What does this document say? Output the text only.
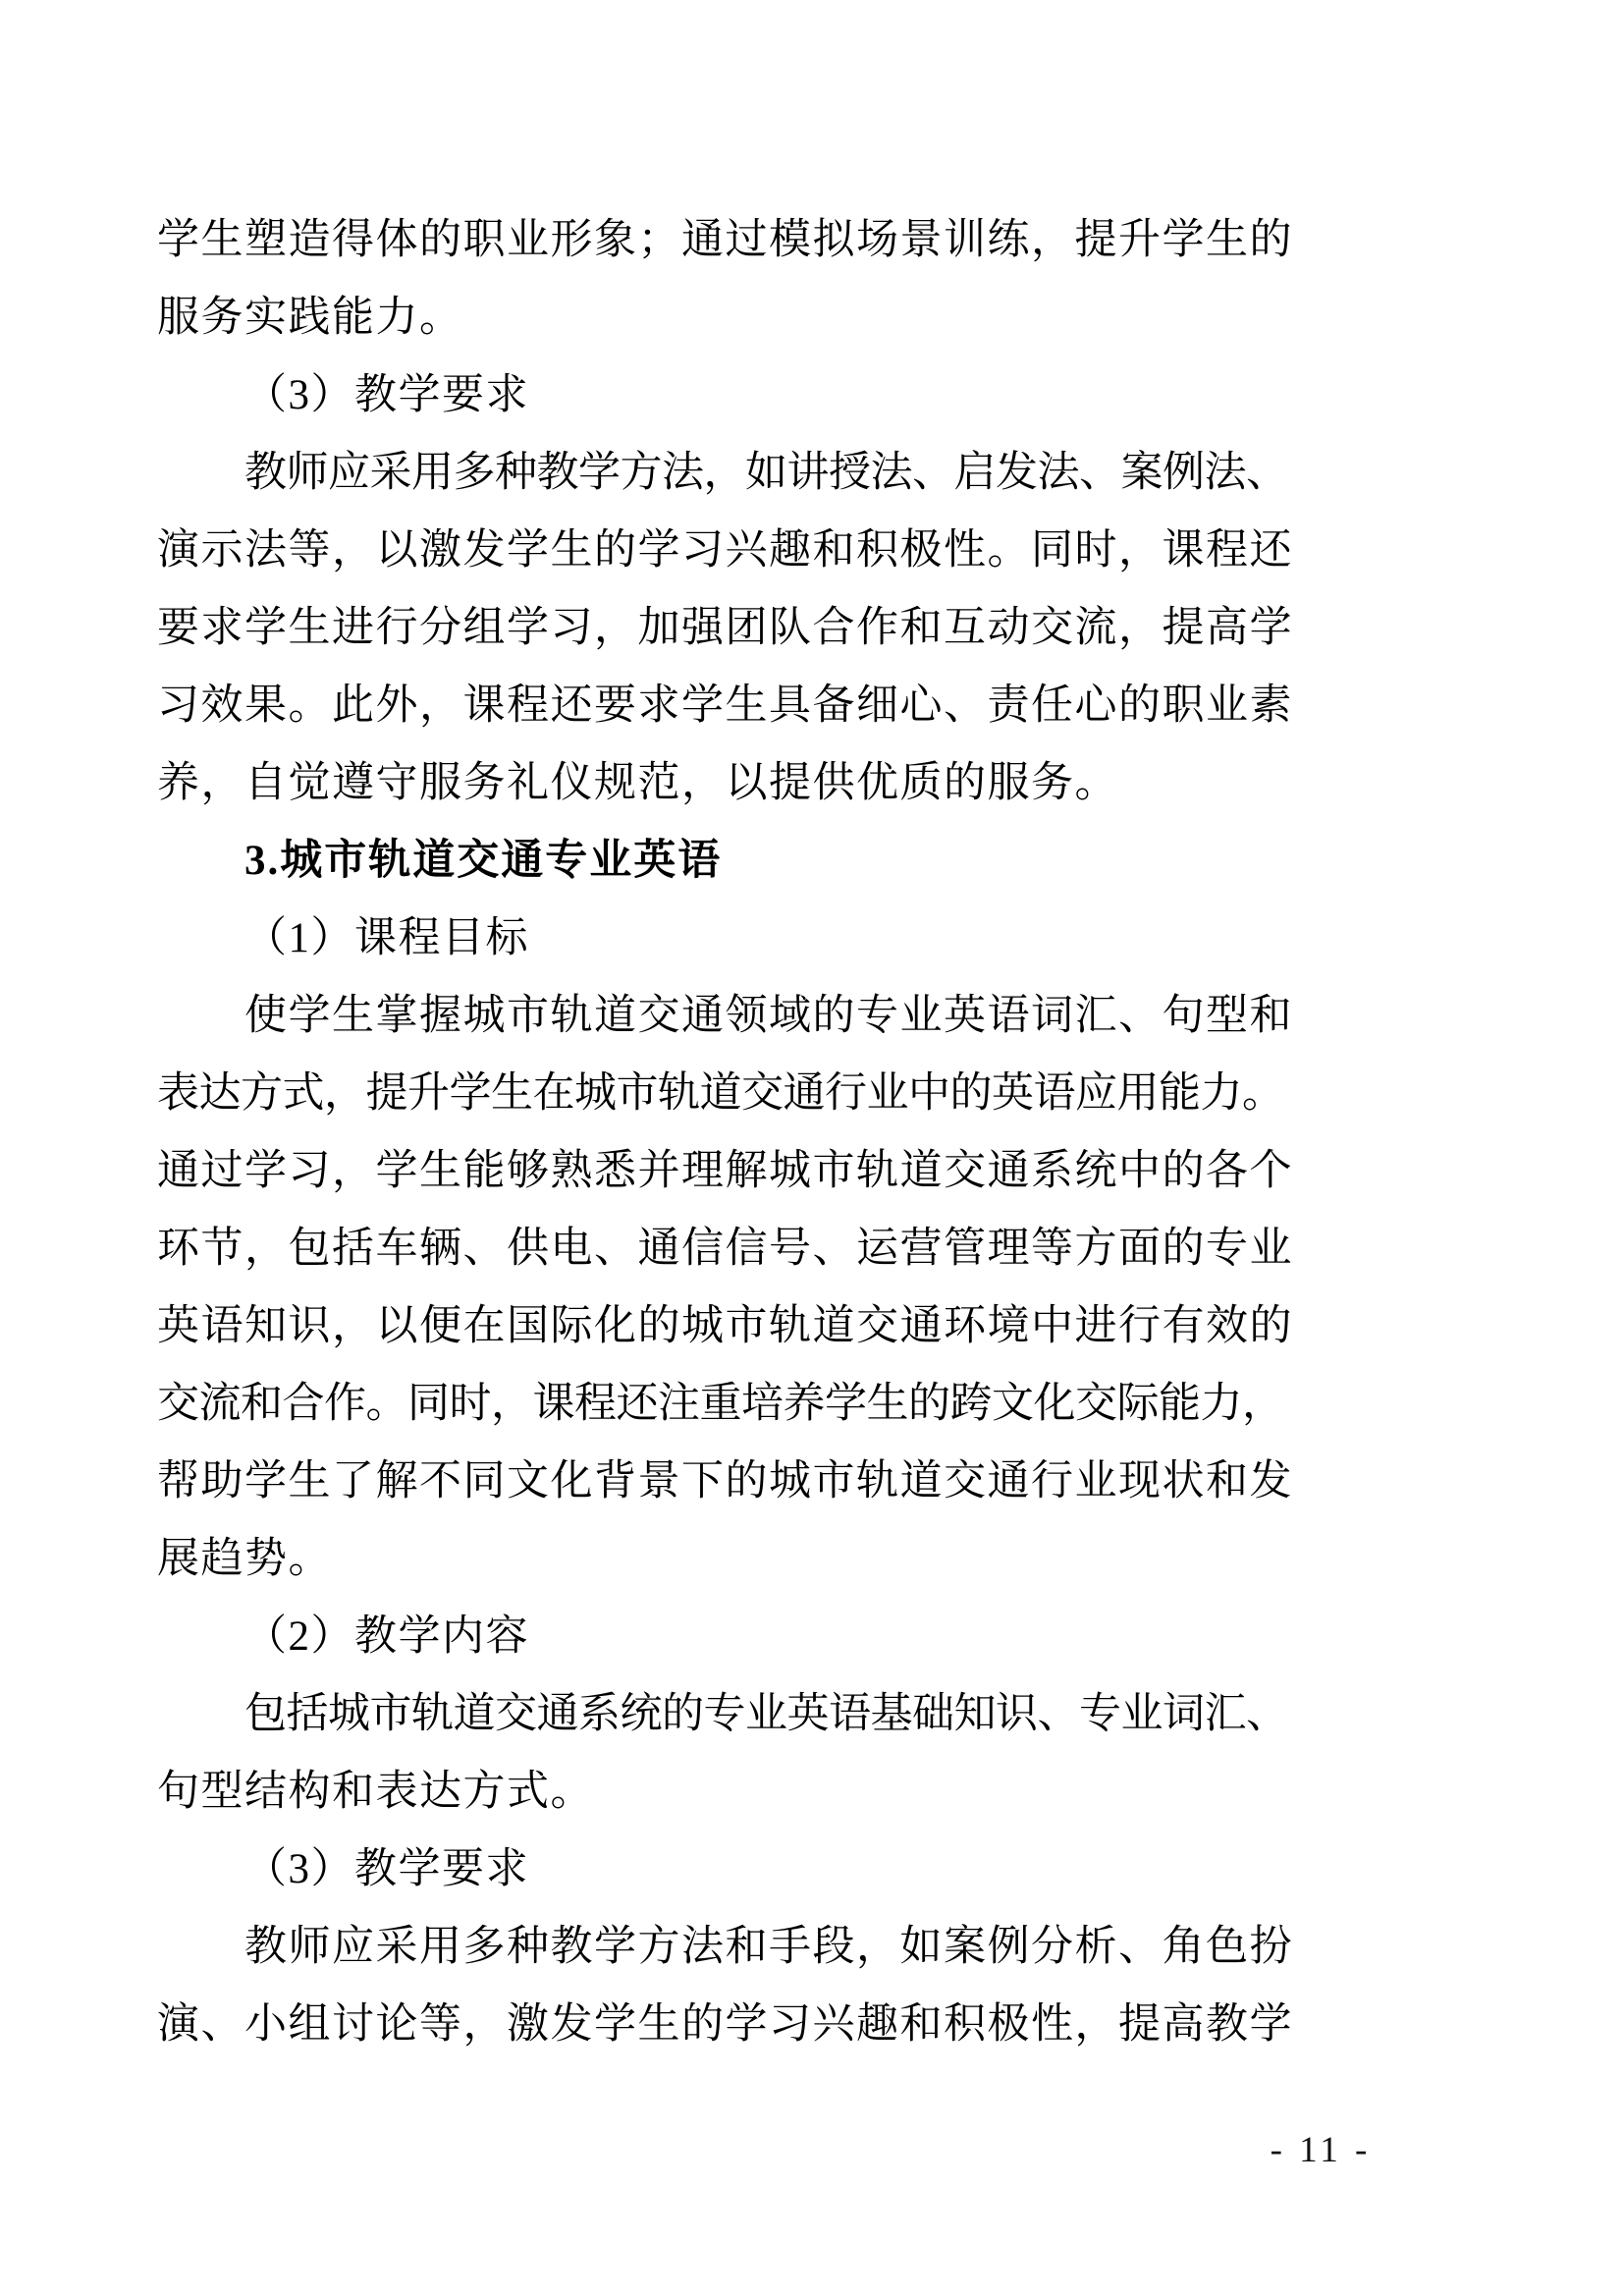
学生塑造得体的职业形象；通过模拟场景训练，提升学生的
服务实践能力。
（3）教学要求
教师应采用多种教学方法，如讲授法、启发法、案例法、
演示法等，以激发学生的学习兴趣和积极性。同时，课程还
要求学生进行分组学习，加强团队合作和互动交流，提高学
习效果。此外，课程还要求学生具备细心、责任心的职业素
养，自觉遵守服务礼仪规范，以提供优质的服务。
3.城市轨道交通专业英语
（1）课程目标
使学生掌握城市轨道交通领域的专业英语词汇、句型和
表达方式，提升学生在城市轨道交通行业中的英语应用能力。
通过学习，学生能够熟悉并理解城市轨道交通系统中的各个
环节，包括车辆、供电、通信信号、运营管理等方面的专业
英语知识，以便在国际化的城市轨道交通环境中进行有效的
交流和合作。同时，课程还注重培养学生的跨文化交际能力，
帮助学生了解不同文化背景下的城市轨道交通行业现状和发
展趋势。
（2）教学内容
包括城市轨道交通系统的专业英语基础知识、专业词汇、
句型结构和表达方式。
（3）教学要求
教师应采用多种教学方法和手段，如案例分析、角色扮
演、小组讨论等，激发学生的学习兴趣和积极性，提高教学
- 11 -
